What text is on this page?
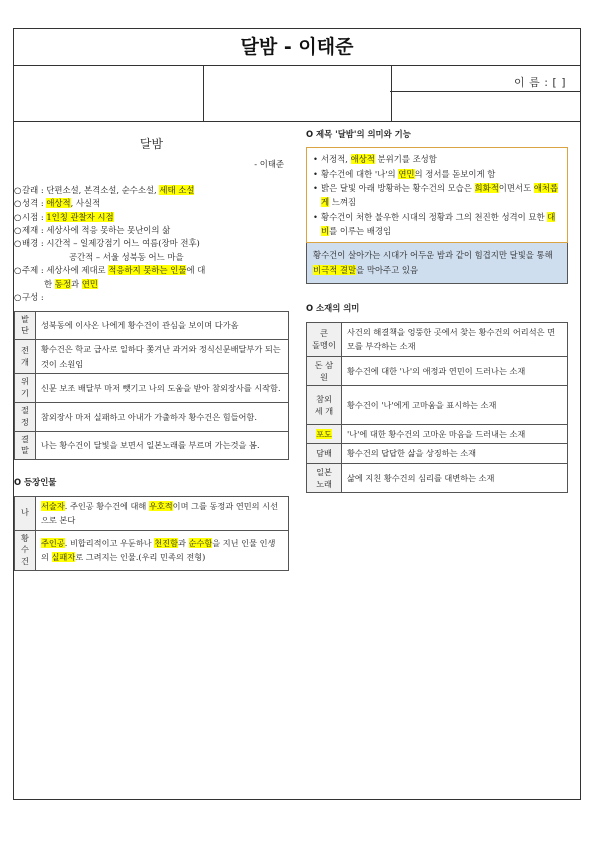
달밤 - 이태준
이 름 : [ ]
달밤
- 이태준
○ 갈래 : 단편소설, 본격소설, 순수소설, 세태 소설
○ 성격 : 애상적, 사실적
○ 시점 : 1인칭 관찰자 시점
○ 제재 : 세상사에 적응 못하는 못난이의 삶
○ 배경 : 시간적 – 일제강점기 어느 여름(장마 전후)
공간적 – 서울 성북동 어느 마을
○ 주제 : 세상사에 제대로 적응하지 못하는 인물에 대
한 동정과 연민
○ 구성 :
발
단	성북동에 이사온 나에게 황수건이 관심을 보이며 다가옴
전
개	황수건은 학교 급사로 일하다 쫓겨난 과거와 정식신문배달부가 되는것이 소원임
위
기	신문 보조 배달부 마저 뺏기고 나의 도움을 받아 참외장사를 시작함.
절
정	참외장사 마저 실패하고 아내가 가출하자 황수건은 힘들어함.
결
말	나는 황수건이 달빛을 보면서 일본노래를 부르며 가는것을 봄.
O 등장인물
나	서술자. 주인공 황수건에 대해 우호적이며 그를 동정과 연민의 시선으로 본다
황
수
건	주인공. 비합리적이고 우둔하나 천진함과 순수함을 지닌 인물 인생의 실패자로 그려지는 인물.(우리 민족의 전형)
O 제목 '달밤'의 의미와 기능
• 서정적, 애상적 분위기를 조성함
• 황수건에 대한 '나'의 연민의 정서를 돋보이게 함
• 밝은 달빛 아래 방황하는 황수건의 모습은 희화적이면서도 애처롭게 느껴짐
• 황수건이 처한 불우한 시대의 정황과 그의 천진한 성격이 묘한 대비를 이루는 배경임
황수건이 살아가는 시대가 어두운 밤과 같이 힘겹지만 달빛을 통해 비극적 결말을 막아주고 있음
O 소재의 의미
큰
돌멩이	사건의 해결책을 엉뚱한 곳에서 찾는 황수건의 어리석은 면모를 부각하는 소재
돈 삼
원	황수건에 대한 '나'의 애정과 연민이 드러나는 소재
참외
세 개	황수건이 '나'에게 고마움을 표시하는 소재
포도	'나'에 대한 황수건의 고마운 마음을 드러내는 소재
담배	황수건의 답답한 삶을 상징하는 소재
일본
노래	삶에 지친 황수건의 심리를 대변하는 소재
